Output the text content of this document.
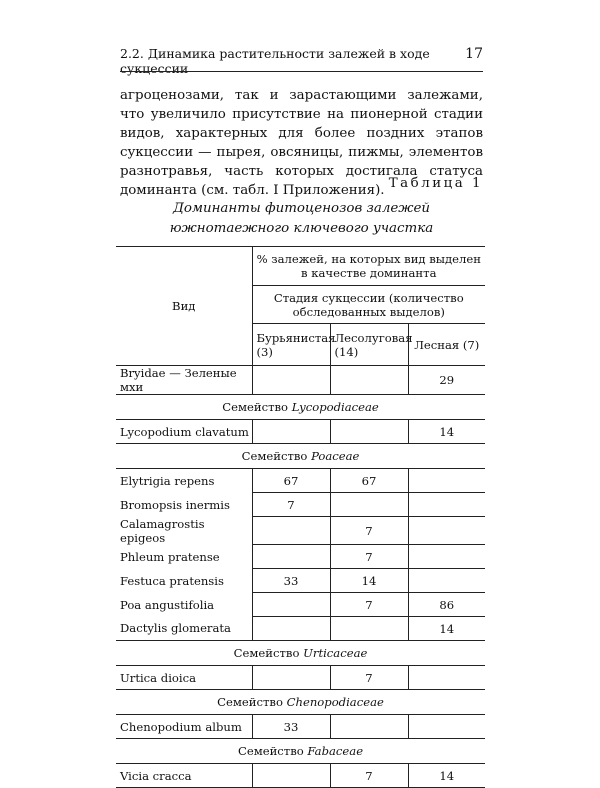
2.2. Динамика растительности залежей в ходе сукцессии
17

агроценозами, так и зарастающими залежами, что увеличило присутствие на пионерной стадии видов, характерных для более поздних этапов сукцессии — пырея, овсяницы, пижмы, элементов разнотравья, часть которых достигала статуса доминанта (см. табл. I Приложения). Таблица 1
Доминанты фитоценозов залежей
южнотаежного ключевого участка
Вид	% залежей, на которых вид выделен в качестве доминанта		
	Стадия сукцессии (количество обследованных выделов)		
	Бурьянистая (3)	Лесолуговая (14)	Лесная (7)
Bryidae — Зеленые мхи			29
Семейство Lycopodiaceae			
Lycopodium clavatum			14
Семейство Poaceae			
Elytrigia repens	67	67	
Bromopsis inermis	7		
Calamagrostis epigeos		7	
Phleum pratense		7	
Festuca pratensis	33	14	
Poa angustifolia		7	86
Dactylis glomerata			14
Семейство Urticaceae			
Urtica dioica		7	
Семейство Chenopodiaceae			
Chenopodium album	33		
Семейство Fabaceae			
Vicia cracca		7	14
